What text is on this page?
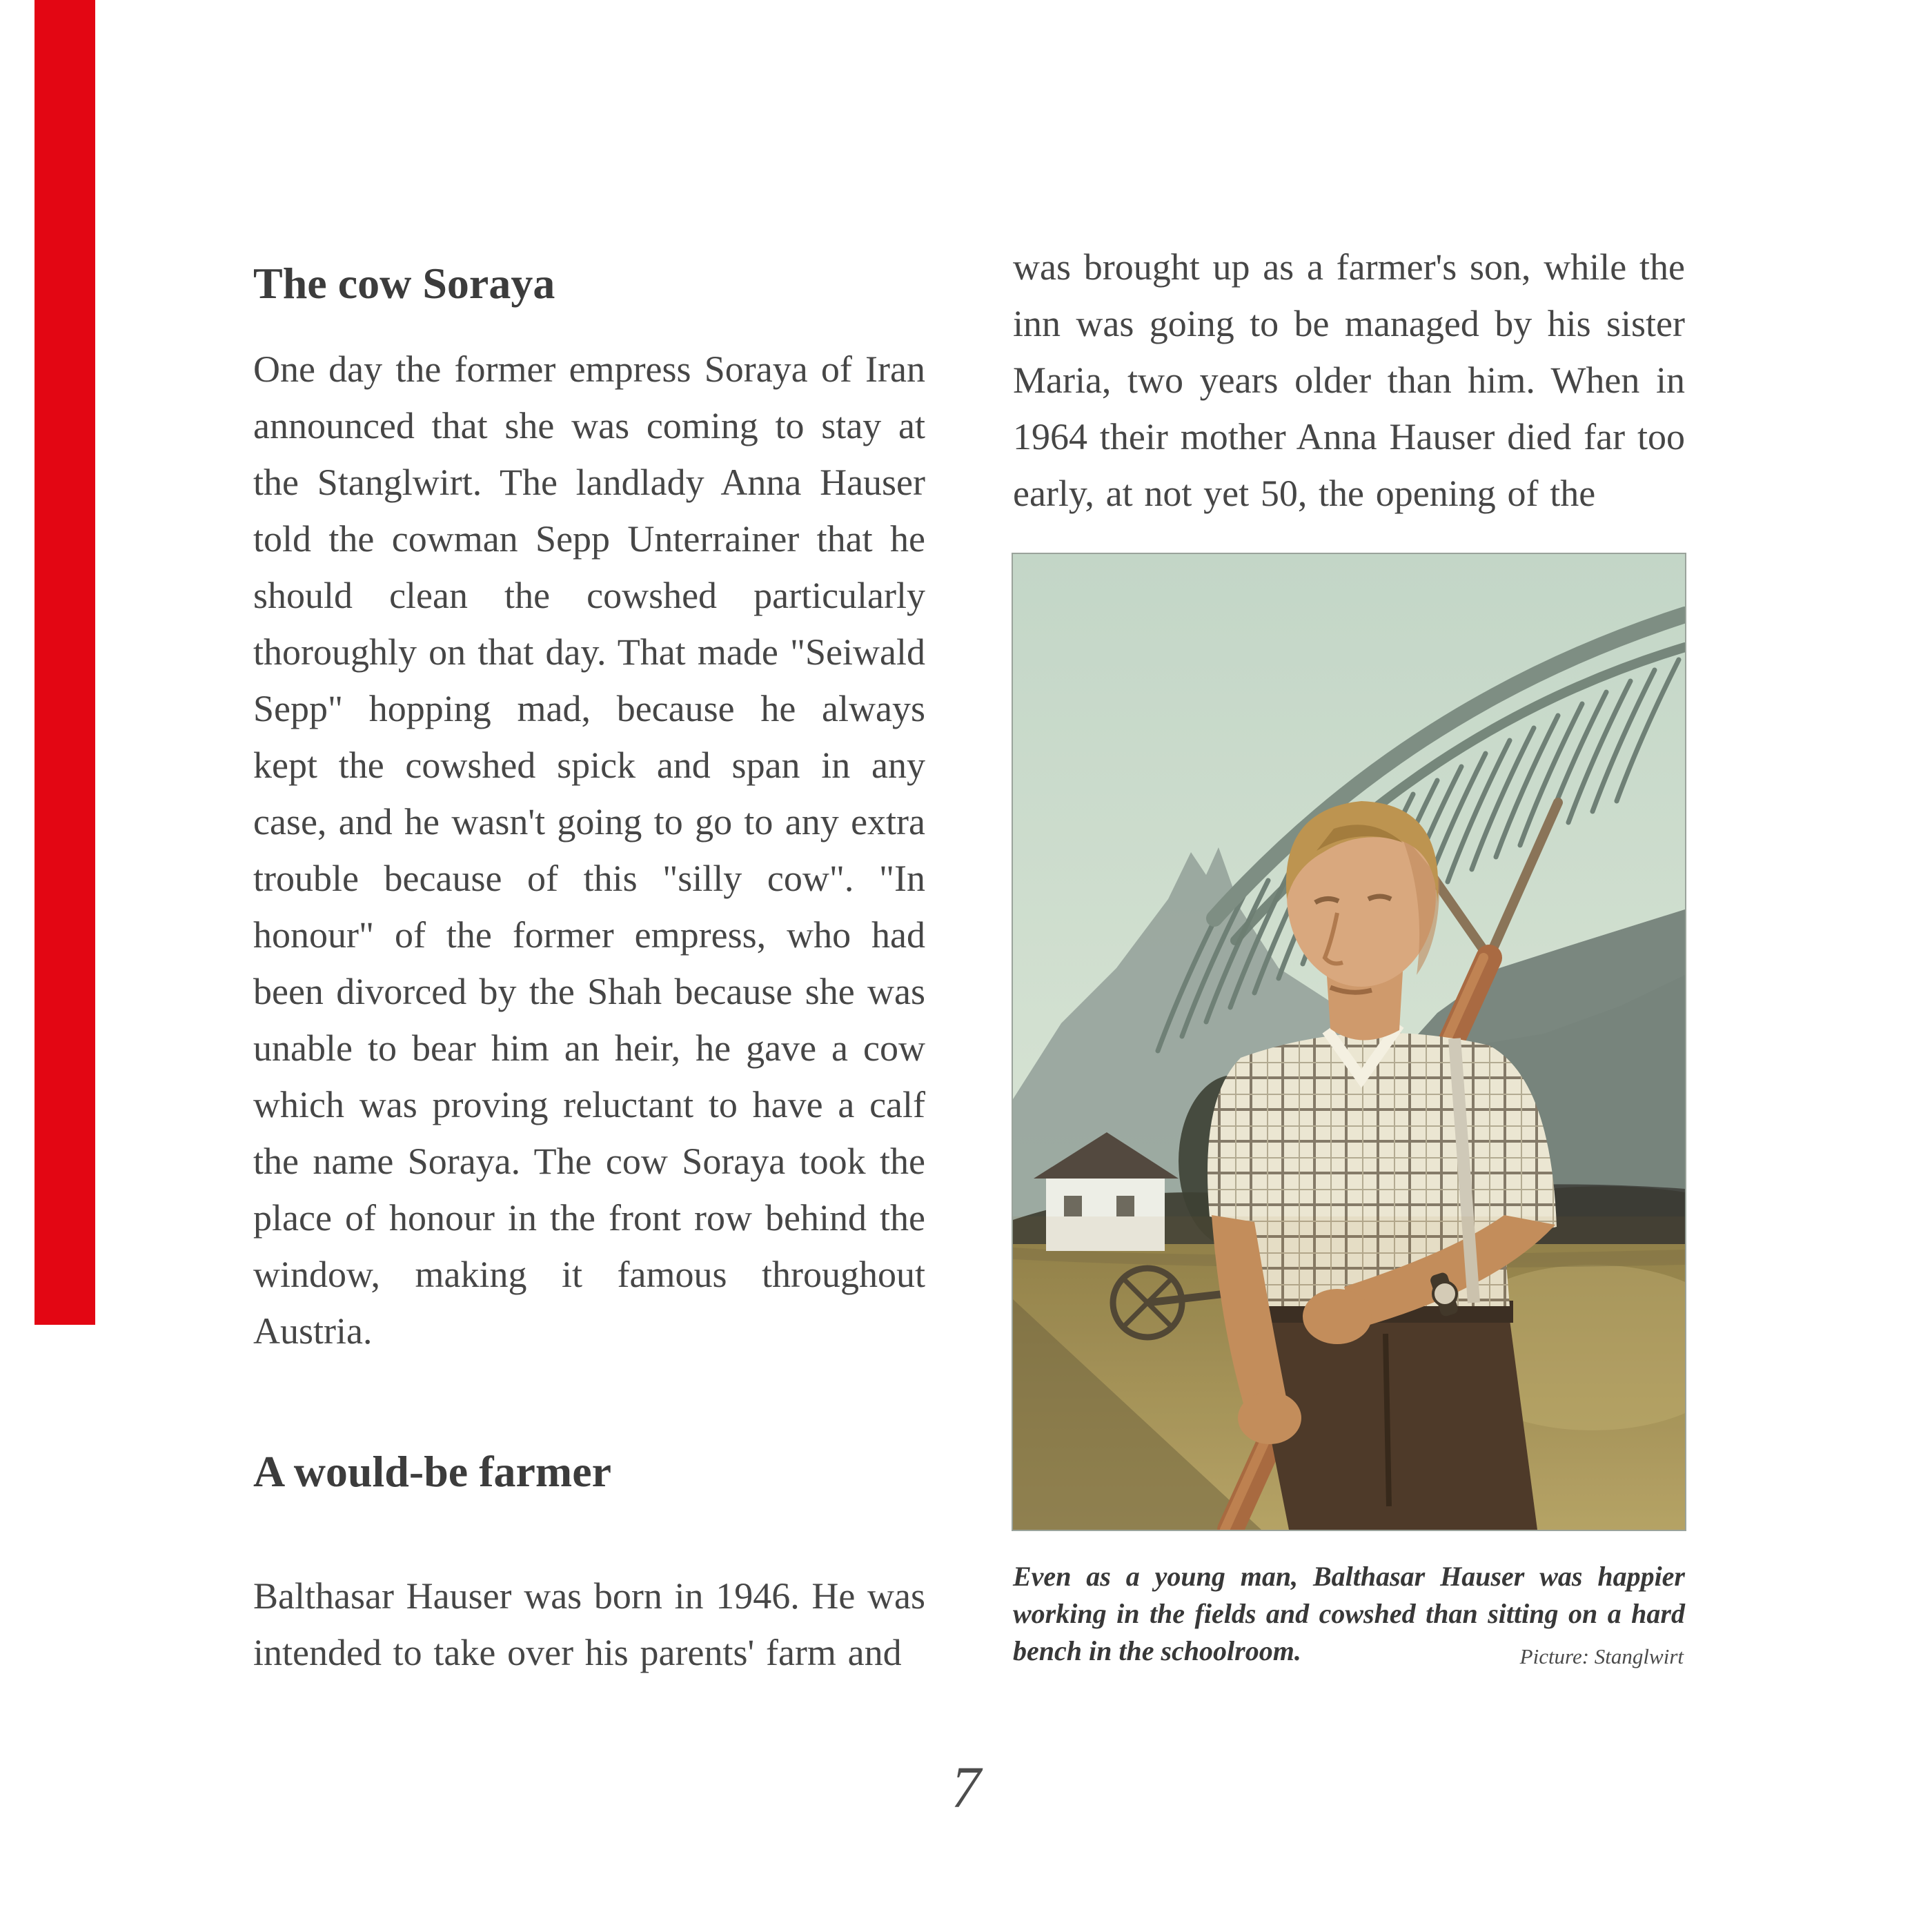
The cow Soraya

One day the former empress Soraya of Iran announced that she was coming to stay at the Stanglwirt. The landlady Anna Hauser told the cowman Sepp Unterrainer that he should clean the cowshed particularly thoroughly on that day. That made "Seiwald Sepp" hopping mad, because he always kept the cowshed spick and span in any case, and he wasn't going to go to any extra trouble because of this "silly cow". "In honour" of the former empress, who had been divorced by the Shah because she was unable to bear him an heir, he gave a cow which was proving reluctant to have a calf the name Soraya. The cow Soraya took the place of honour in the front row behind the window, making it famous throughout Austria.

A would-be farmer

Balthasar Hauser was born in 1946. He was intended to take over his parents' farm and

was brought up as a farmer's son, while the inn was going to be managed by his sister Maria, two years older than him. When in 1964 their mother Anna Hauser died far too early, at not yet 50, the opening of the

Even as a young man, Balthasar Hauser was happier working in the fields and cowshed than sitting on a hard bench in the schoolroom.	Picture: Stanglwirt
7
